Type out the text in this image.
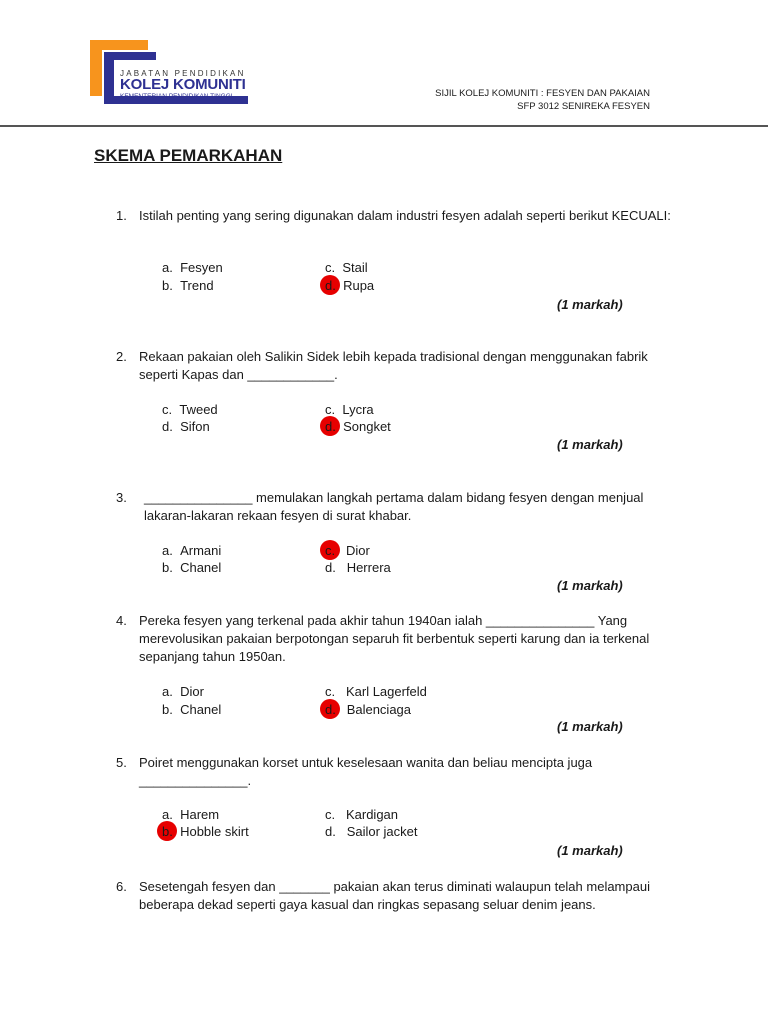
JABATAN PENDIDIKAN
KOLEJ KOMUNITI
KEMENTERIAN PENDIDIKAN TINGGI	SIJIL KOLEJ KOMUNITI : FESYEN DAN PAKAIAN
SFP 3012 SENIREKA FESYEN
SKEMA PEMARKAHAN
1. Istilah penting yang sering digunakan dalam industri fesyen adalah seperti berikut KECUALI:
a. Fesyen	c. Stail
b. Trend	d. Rupa
(1 markah)
2. Rekaan pakaian oleh Salikin Sidek lebih kepada tradisional dengan menggunakan fabrik seperti Kapas dan ____________.
c. Tweed	c. Lycra
d. Sifon	d. Songket
(1 markah)
3. _______________ memulakan langkah pertama dalam bidang fesyen dengan menjual lakaran-lakaran rekaan fesyen di surat khabar.
a. Armani	c. Dior
b. Chanel	d. Herrera
(1 markah)
4. Pereka fesyen yang terkenal pada akhir tahun 1940an ialah _______________ Yang merevolusikan pakaian berpotongan separuh fit berbentuk seperti karung dan ia terkenal sepanjang tahun 1950an.
a. Dior	c. Karl Lagerfeld
b. Chanel	d. Balenciaga
(1 markah)
5. Poiret menggunakan korset untuk keselesaan wanita dan beliau mencipta juga _______________.
a. Harem	c. Kardigan
b. Hobble skirt	d. Sailor jacket
(1 markah)
6. Sesetengah fesyen dan _______ pakaian akan terus diminati walaupun telah melampaui beberapa dekad seperti gaya kasual dan ringkas sepasang seluar denim jeans.
